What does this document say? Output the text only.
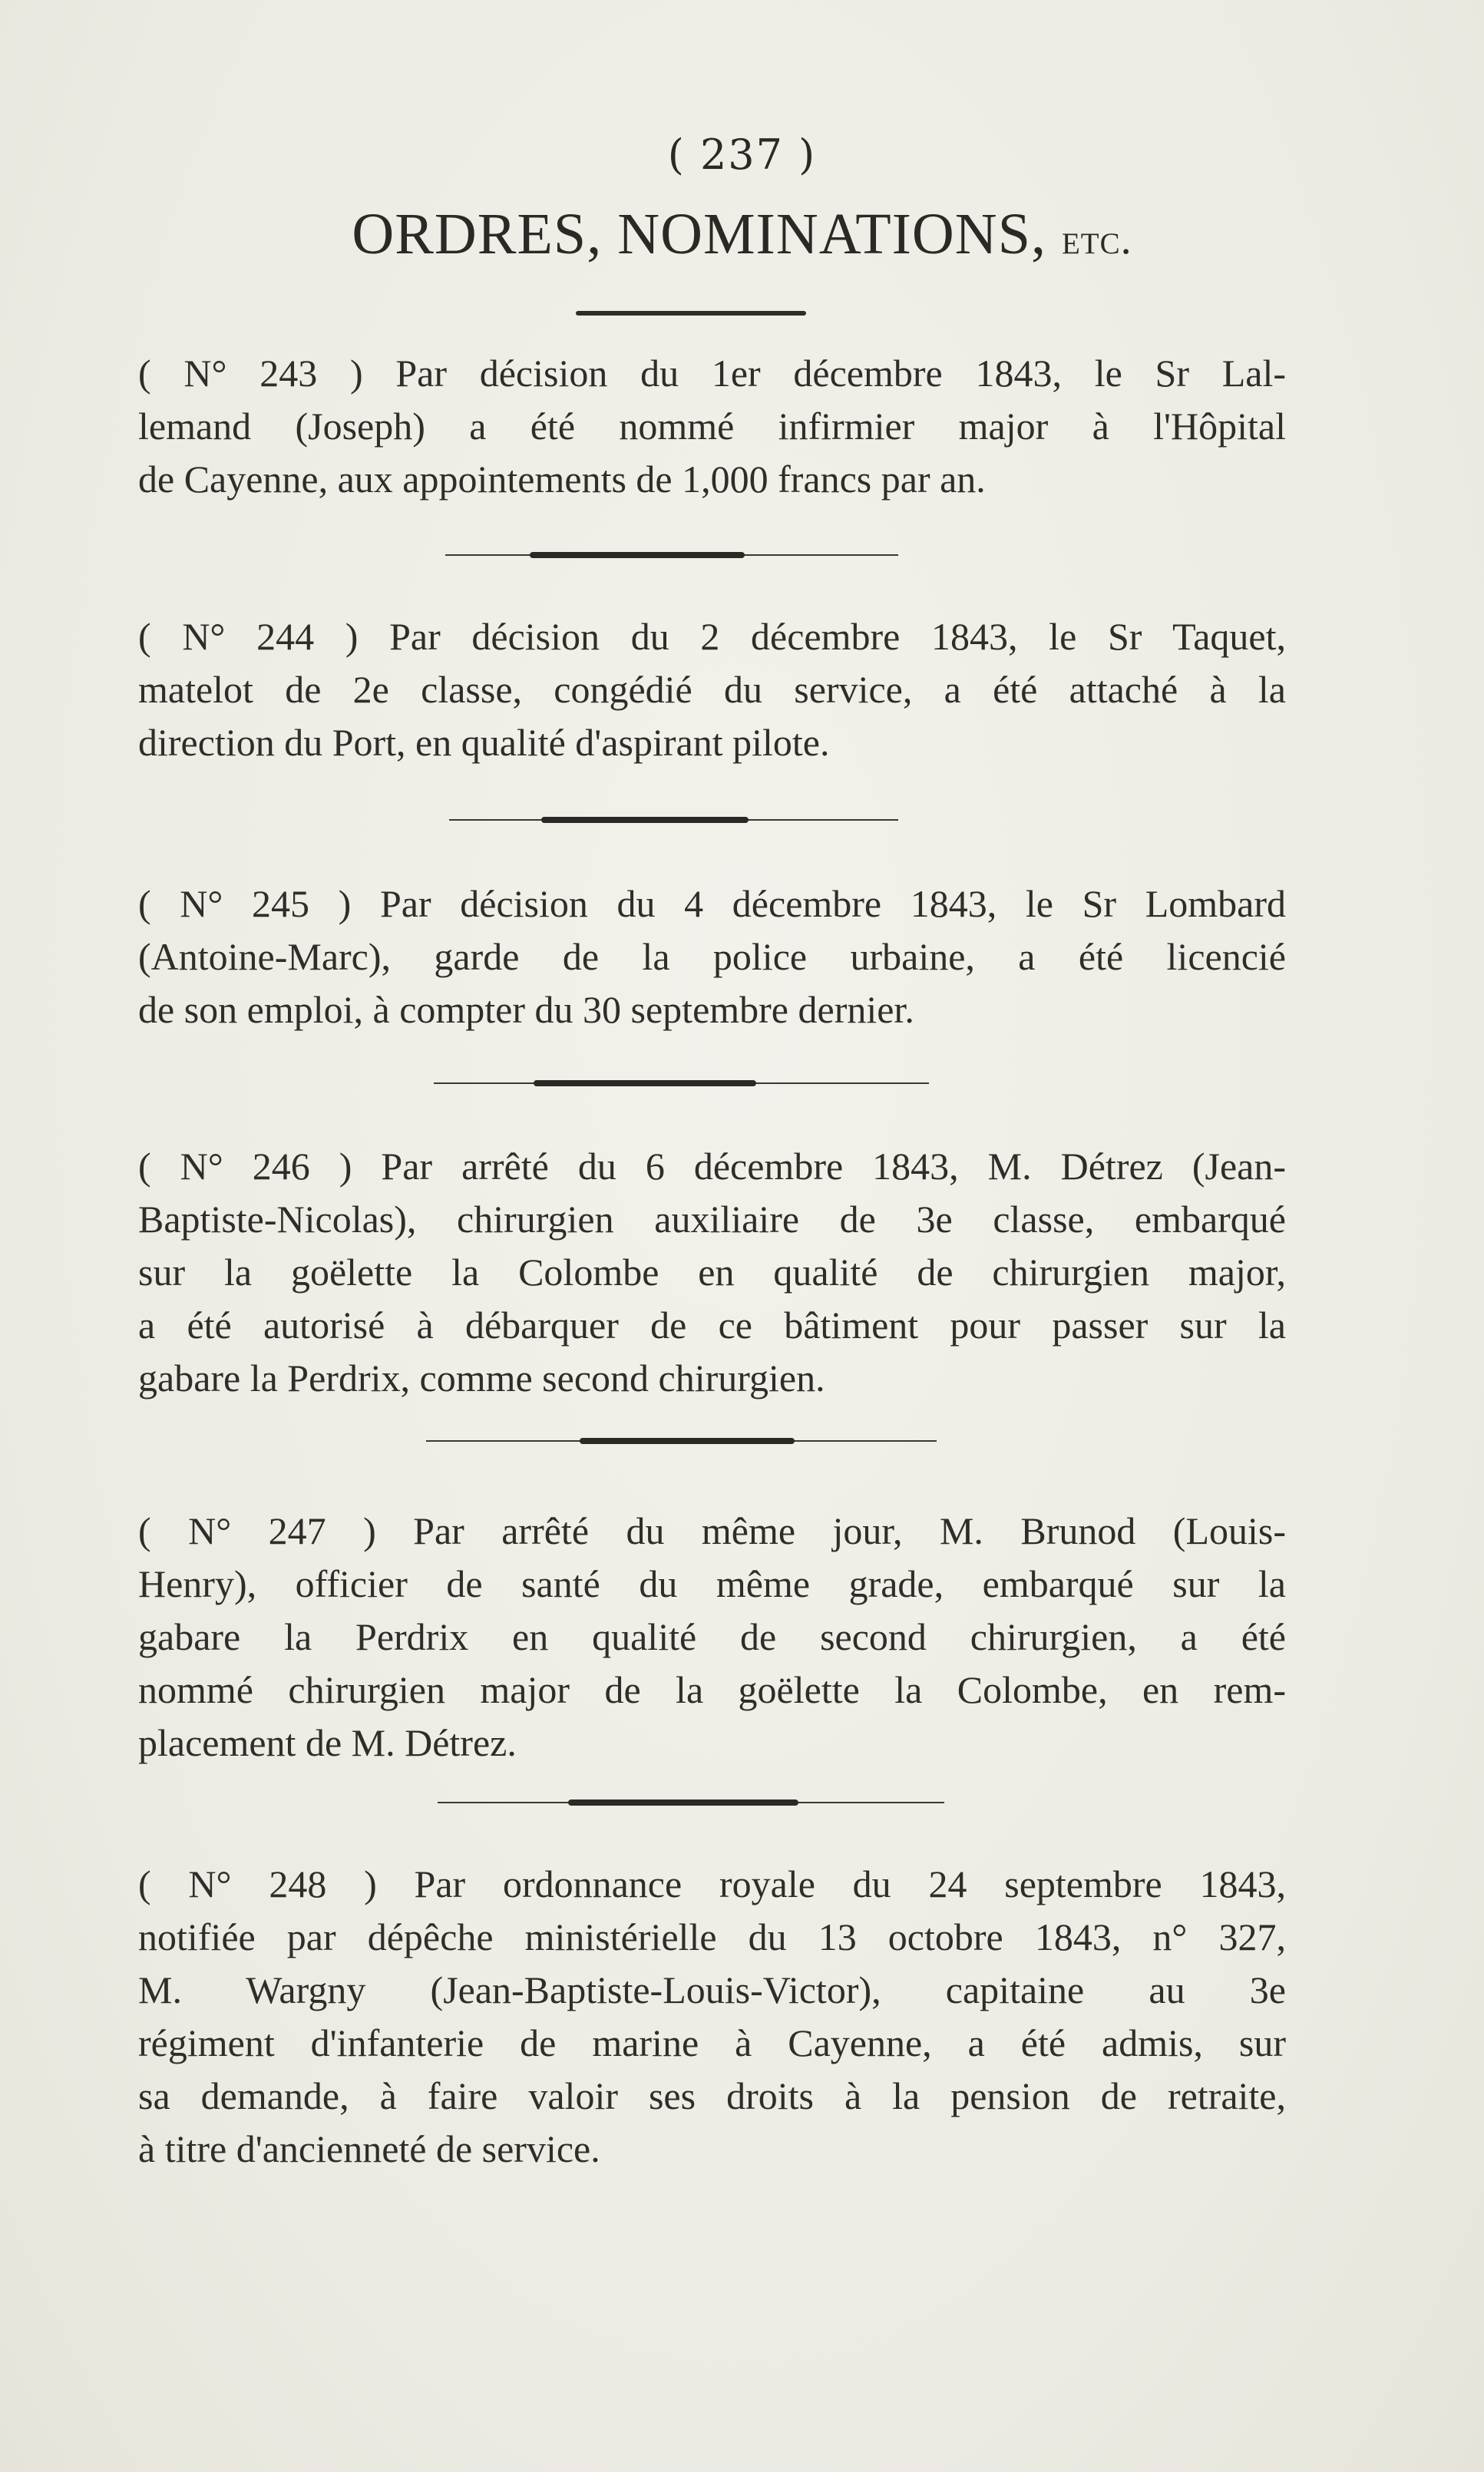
( 237 )
ORDRES, NOMINATIONS, etc.
( N° 243 ) Par décision du 1er décembre 1843, le Sr Lal-
lemand (Joseph) a été nommé infirmier major à l'Hôpital
de Cayenne, aux appointements de 1,000 francs par an.
( N° 244 ) Par décision du 2 décembre 1843, le Sr Taquet,
matelot de 2e classe, congédié du service, a été attaché à la
direction du Port, en qualité d'aspirant pilote.
( N° 245 ) Par décision du 4 décembre 1843, le Sr Lombard
(Antoine-Marc), garde de la police urbaine, a été licencié
de son emploi, à compter du 30 septembre dernier.
( N° 246 ) Par arrêté du 6 décembre 1843, M. Détrez (Jean-
Baptiste-Nicolas), chirurgien auxiliaire de 3e classe, embarqué
sur la goëlette la Colombe en qualité de chirurgien major,
a été autorisé à débarquer de ce bâtiment pour passer sur la
gabare la Perdrix, comme second chirurgien.
( N° 247 ) Par arrêté du même jour, M. Brunod (Louis-
Henry), officier de santé du même grade, embarqué sur la
gabare la Perdrix en qualité de second chirurgien, a été
nommé chirurgien major de la goëlette la Colombe, en rem-
placement de M. Détrez.
( N° 248 ) Par ordonnance royale du 24 septembre 1843,
notifiée par dépêche ministérielle du 13 octobre 1843, n° 327,
M. Wargny (Jean-Baptiste-Louis-Victor), capitaine au 3e
régiment d'infanterie de marine à Cayenne, a été admis, sur
sa demande, à faire valoir ses droits à la pension de retraite,
à titre d'ancienneté de service.
